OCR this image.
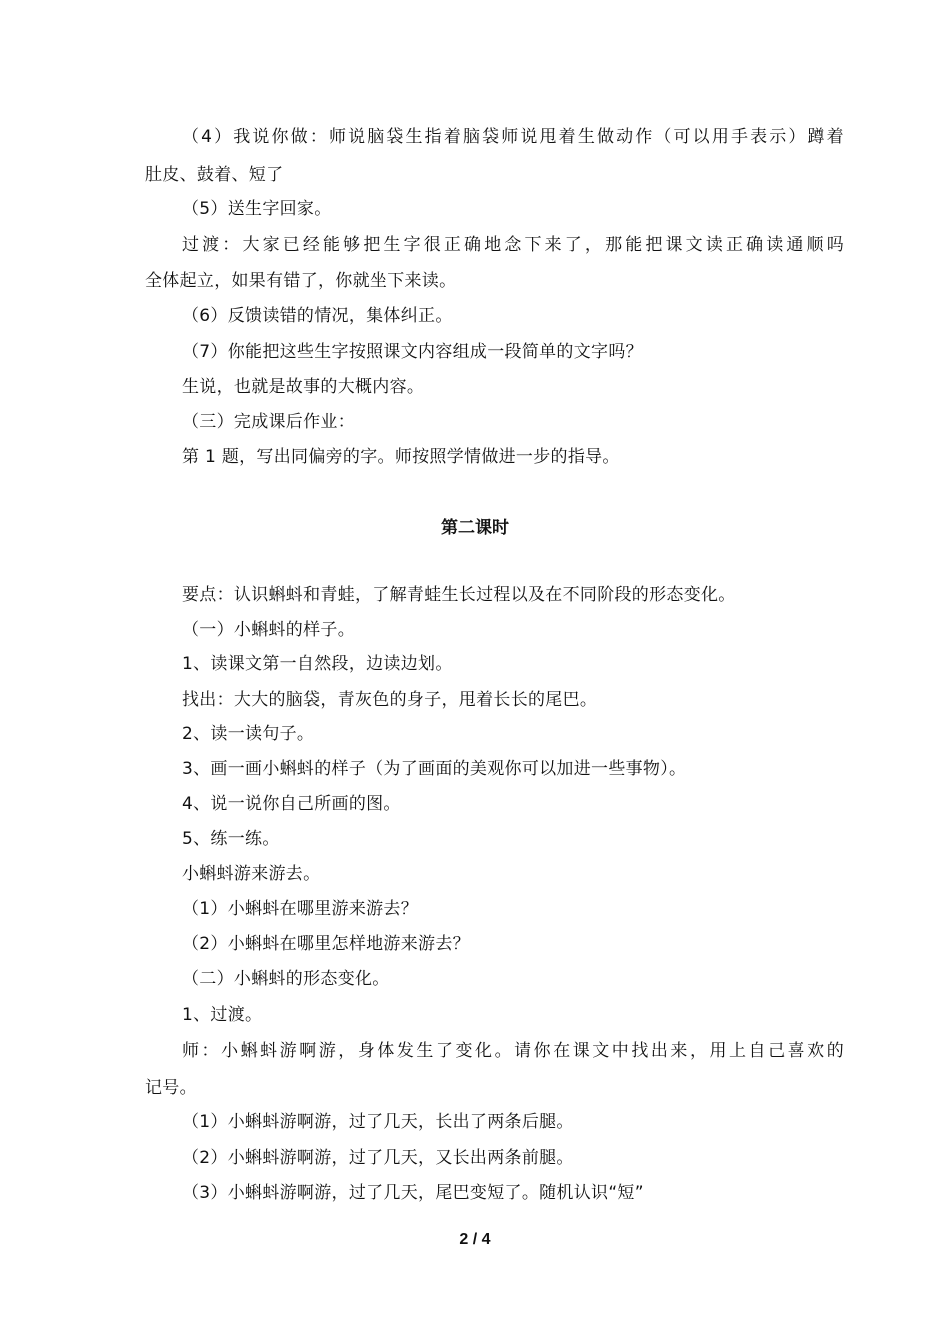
（4）我说你做：师说脑袋生指着脑袋师说甩着生做动作（可以用手表示）蹲着
肚皮、鼓着、短了
（5）送生字回家。
过渡：大家已经能够把生字很正确地念下来了，那能把课文读正确读通顺吗
全体起立，如果有错了，你就坐下来读。
（6）反馈读错的情况，集体纠正。
（7）你能把这些生字按照课文内容组成一段简单的文字吗？
生说，也就是故事的大概内容。
（三）完成课后作业：
第 1 题，写出同偏旁的字。师按照学情做进一步的指导。
第二课时
要点：认识蝌蚪和青蛙，了解青蛙生长过程以及在不同阶段的形态变化。
（一）小蝌蚪的样子。
1、读课文第一自然段，边读边划。
找出：大大的脑袋，青灰色的身子，甩着长长的尾巴。
2、读一读句子。
3、画一画小蝌蚪的样子（为了画面的美观你可以加进一些事物）。
4、说一说你自己所画的图。
5、练一练。
小蝌蚪游来游去。
（1）小蝌蚪在哪里游来游去？
（2）小蝌蚪在哪里怎样地游来游去？
（二）小蝌蚪的形态变化。
1、过渡。
师：小蝌蚪游啊游，身体发生了变化。请你在课文中找出来，用上自己喜欢的
记号。
（1）小蝌蚪游啊游，过了几天，长出了两条后腿。
（2）小蝌蚪游啊游，过了几天，又长出两条前腿。
（3）小蝌蚪游啊游，过了几天，尾巴变短了。随机认识“短”
2 / 4
